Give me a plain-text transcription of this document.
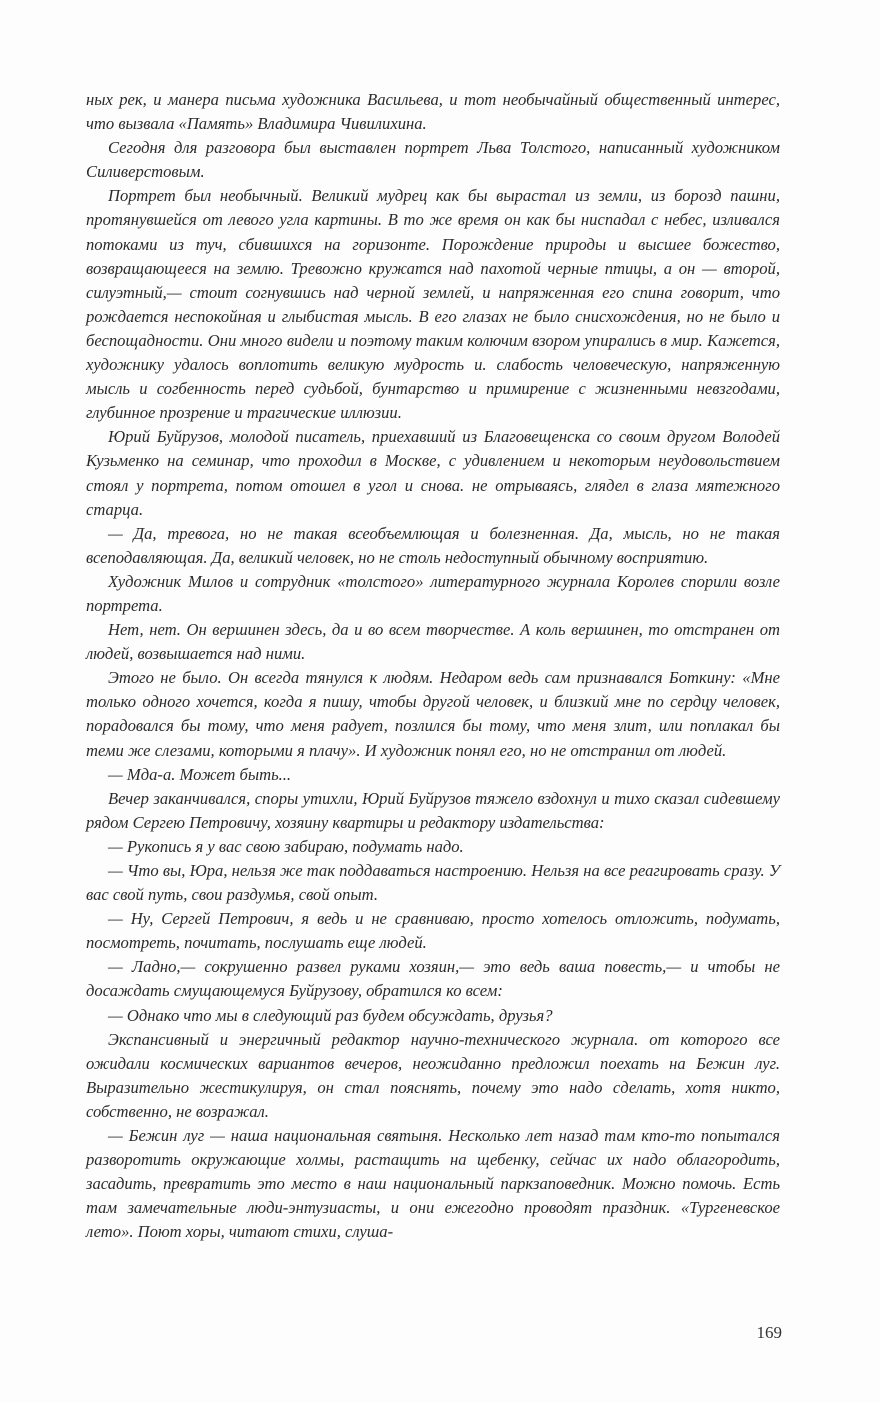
ных рек, и манера письма художника Васильева, и тот необычайный общественный интерес, что вызвала «Память» Владимира Чивилихина.

Сегодня для разговора был выставлен портрет Льва Толстого, написанный художником Силиверстовым.

Портрет был необычный. Великий мудрец как бы вырастал из земли, из борозд пашни, протянувшейся от левого угла картины. В то же время он как бы ниспадал с небес, изливался потоками из туч, сбившихся на горизонте. Порождение природы и высшее божество, возвращающееся на землю. Тревожно кружатся над пахотой черные птицы, а он — второй, силуэтный,— стоит согнувшись над черной землей, и напряженная его спина говорит, что рождается неспокойная и глыбистая мысль. В его глазах не было снисхождения, но не было и беспощадности. Они много видели и поэтому таким колючим взором упирались в мир. Кажется, художнику удалось воплотить великую мудрость и. слабость человеческую, напряженную мысль и согбенность перед судьбой, бунтарство и примирение с жизненными невзгодами, глубинное прозрение и трагические иллюзии.

Юрий Буйрузов, молодой писатель, приехавший из Благовещенска со своим другом Володей Кузьменко на семинар, что проходил в Москве, с удивлением и некоторым неудовольствием стоял у портрета, потом отошел в угол и снова. не отрываясь, глядел в глаза мятежного старца.

— Да, тревога, но не такая всеобъемлющая и болезненная. Да, мысль, но не такая всеподавляющая. Да, великий человек, но не столь недоступный обычному восприятию.

Художник Милов и сотрудник «толстого» литературного журнала Королев спорили возле портрета.

Нет, нет. Он вершинен здесь, да и во всем творчестве. А коль вершинен, то отстранен от людей, возвышается над ними.

Этого не было. Он всегда тянулся к людям. Недаром ведь сам признавался Боткину: «Мне только одного хочется, когда я пишу, чтобы другой человек, и близкий мне по сердцу человек, порадовался бы тому, что меня радует, позлился бы тому, что меня злит, или поплакал бы теми же слезами, которыми я плачу». И художник понял его, но не отстранил от людей.

— Мда-а. Может быть...

Вечер заканчивался, споры утихли, Юрий Буйрузов тяжело вздохнул и тихо сказал сидевшему рядом Сергею Петровичу, хозяину квартиры и редактору издательства:

— Рукопись я у вас свою забираю, подумать надо.

— Что вы, Юра, нельзя же так поддаваться настроению. Нельзя на все реагировать сразу. У вас свой путь, свои раздумья, свой опыт.

— Ну, Сергей Петрович, я ведь и не сравниваю, просто хотелось отложить, подумать, посмотреть, почитать, послушать еще людей.

— Ладно,— сокрушенно развел руками хозяин,— это ведь ваша повесть,— и чтобы не досаждать смущающемуся Буйрузову, обратился ко всем:

— Однако что мы в следующий раз будем обсуждать, друзья?

Экспансивный и энергичный редактор научно-технического журнала. от которого все ожидали космических вариантов вечеров, неожиданно предложил поехать на Бежин луг. Выразительно жестикулируя, он стал пояснять, почему это надо сделать, хотя никто, собственно, не возражал.

— Бежин луг — наша национальная святыня. Несколько лет назад там кто-то попытался разворотить окружающие холмы, растащить на щебенку, сейчас их надо облагородить, засадить, превратить это место в наш национальный паркзаповедник. Можно помочь. Есть там замечательные люди-энтузиасты, и они ежегодно проводят праздник. «Тургеневское лето». Поют хоры, читают стихи, слуша-

169
